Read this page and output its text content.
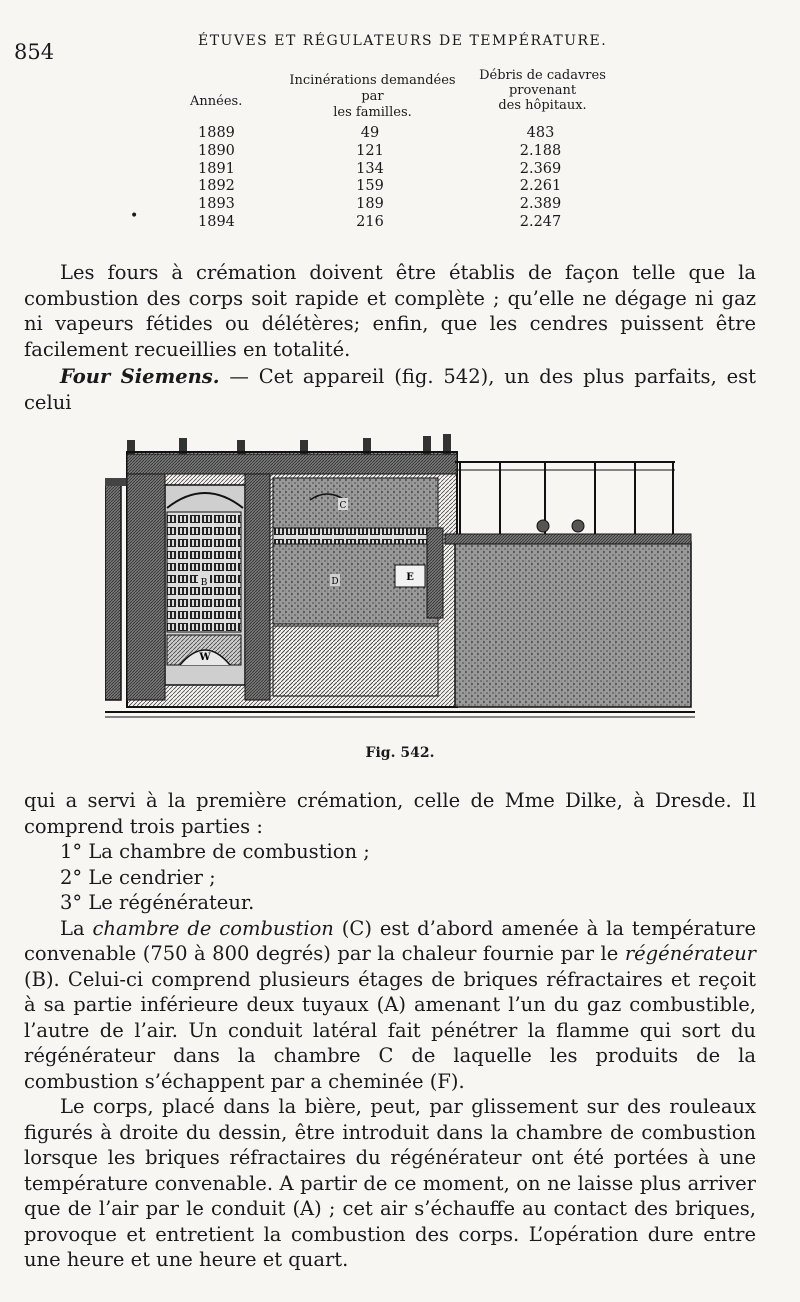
854	ÉTUVES ET RÉGULATEURS DE TEMPÉRATURE.
Années.
Incinérations demandées
par
les familles.
Débris de cadavres
provenant
des hôpitaux.
1889
1890
1891
1892
1893
1894
49
121
134
159
189
216
483
2.188
2.369
2.261
2.389
2.247
•

Les fours à crémation doivent être établis de façon telle que la combustion des corps soit rapide et complète ; qu’elle ne dégage ni gaz ni vapeurs fétides ou délétères; enfin, que les cendres puissent être facilement recueillies en totalité.

Four Siemens. — Cet appareil (fig. 542), un des plus parfaits, est celui

C
D	E
B
W
Fig. 542.

qui a servi à la première crémation, celle de Mme Dilke, à Dresde. Il comprend trois parties :

1° La chambre de combustion ;

2° Le cendrier ;

3° Le régénérateur.

La chambre de combustion (C) est d’abord amenée à la température convenable (750 à 800 degrés) par la chaleur fournie par le régénérateur (B). Celui-ci comprend plusieurs étages de briques réfractaires et reçoit à sa partie inférieure deux tuyaux (A) amenant l’un du gaz combustible, l’autre de l’air. Un conduit latéral fait pénétrer la flamme qui sort du régénérateur dans la chambre C de laquelle les produits de la combustion s’échappent par a cheminée (F).

Le corps, placé dans la bière, peut, par glissement sur des rouleaux figurés à droite du dessin, être introduit dans la chambre de combustion lorsque les briques réfractaires du régénérateur ont été portées à une température convenable. A partir de ce moment, on ne laisse plus arriver que de l’air par le conduit (A) ; cet air s’échauffe au contact des briques, provoque et entretient la combustion des corps. L’opération dure entre une heure et une heure et quart.
